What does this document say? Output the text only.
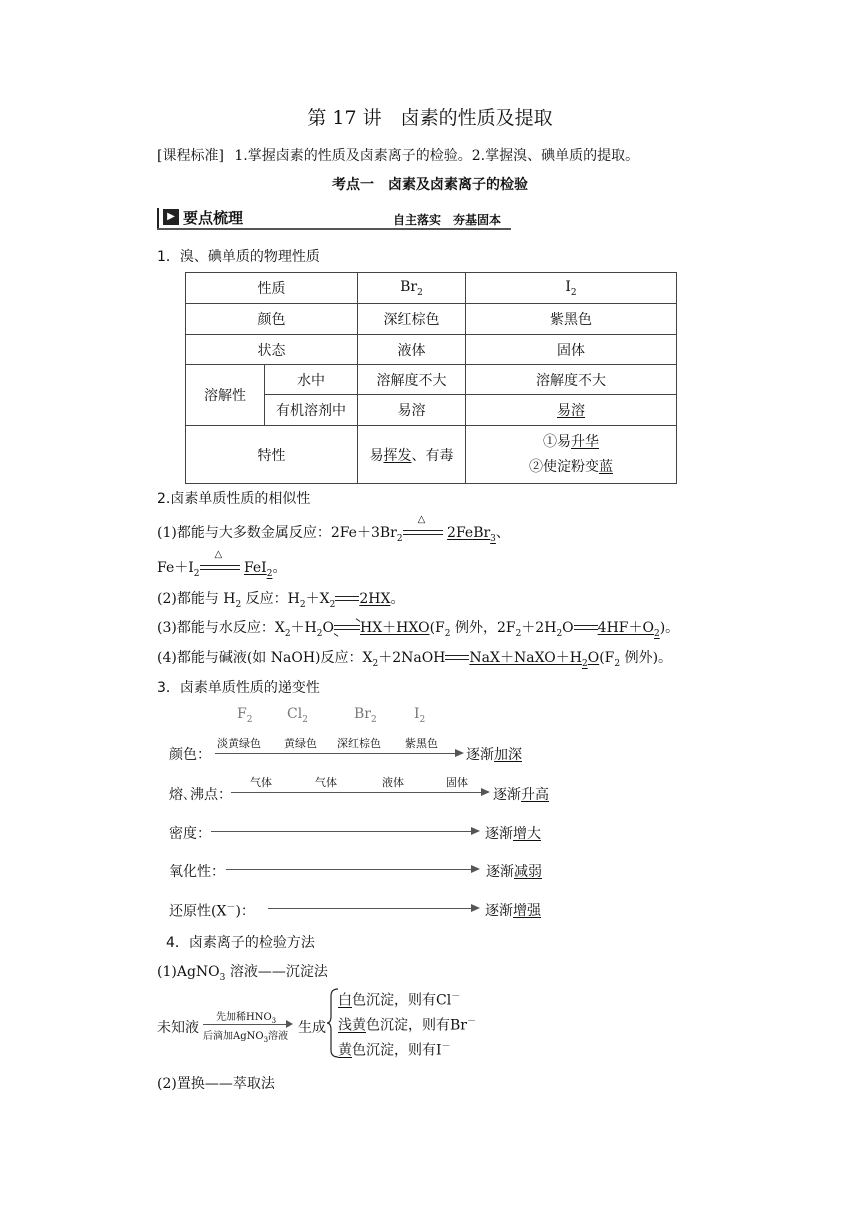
第 17 讲　卤素的性质及提取
[课程标准] 1.掌握卤素的性质及卤素离子的检验。2.掌握溴、碘单质的提取。
考点一　卤素及卤素离子的检验
▶ 要点梳理	自主落实　夯基固本
1．溴、碘单质的物理性质
性质		$Br_2$	$I_2$
颜色		深红棕色	紫黑色
状态		液体	固体
溶解性	水中	溶解度不大	溶解度不大
	有机溶剂中	易溶	易溶
特性		易挥发、有毒	①易升华
②使淀粉变蓝
2.卤素单质性质的相似性
(1)都能与大多数金属反应：$2Fe+3Br_2$
△
2FeBr$_3$、
$Fe+I_2$
△
FeI$_2$。
(2)都能与 $H_2$ 反应：$H_2+X_2$ 2HX。
(3)都能与水反应：$X_2+H_2O\rightleftharpoons HX+HXO(F_2$ 例外，$2F_2+2H_2O$ $4HF+O_2$)。
(4)都能与碱液(如 NaOH)反应：$X_2+2NaOH$ $NaX+NaXO+H_2O(F_2$ 例外)。
3．卤素单质性质的递变性
$F_2$ $Cl_2$	$Br_2$	$I_2$
颜色：
淡黄绿色 黄绿色 深红棕色 紫黑色
逐渐加深
熔､沸点：
气体	气体	液体	固体
逐渐升高
密度：	逐渐增大
氧化性：	逐渐减弱
还原性(X－)：	逐渐增强
4．卤素离子的检验方法
(1)AgNO$_3$ 溶液——沉淀法
未知液
先加稀$HNO_3$
后滴加AgNO$_3$溶液
生成
白色沉淀，则有Cl－
浅黄色沉淀，则有Br－
黄色沉淀，则有I－
(2)置换——萃取法
